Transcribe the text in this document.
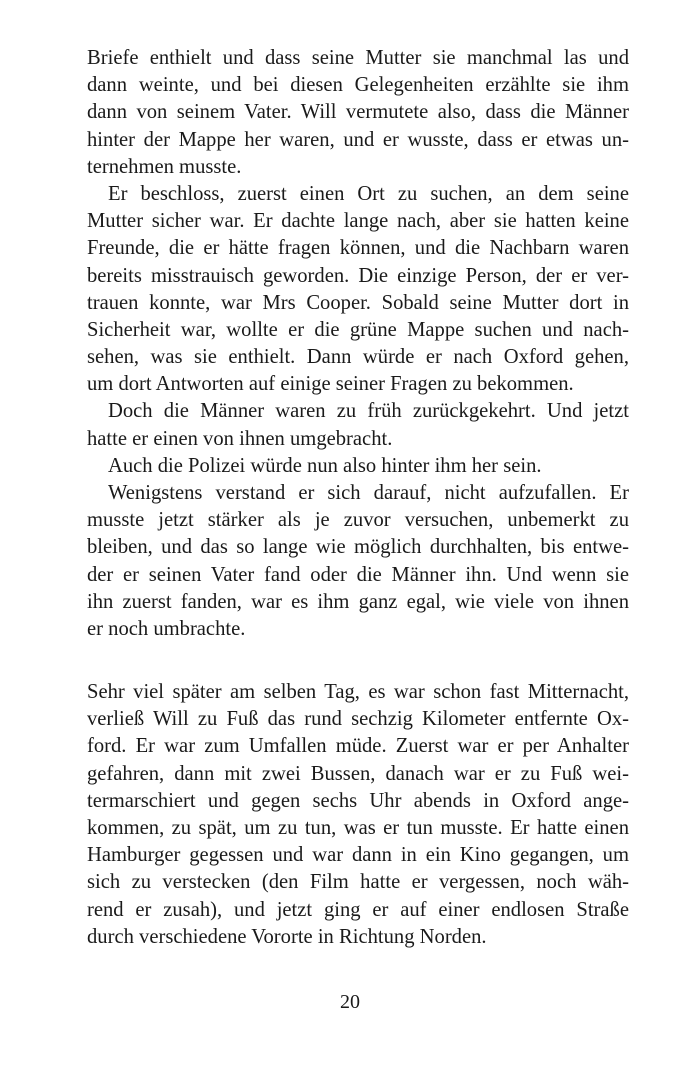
Briefe enthielt und dass seine Mutter sie manchmal las und
dann weinte, und bei diesen Gelegenheiten erzählte sie ihm
dann von seinem Vater. Will vermutete also, dass die Männer
hinter der Mappe her waren, und er wusste, dass er etwas un-
ternehmen musste.
Er beschloss, zuerst einen Ort zu suchen, an dem seine
Mutter sicher war. Er dachte lange nach, aber sie hatten keine
Freunde, die er hätte fragen können, und die Nachbarn waren
bereits misstrauisch geworden. Die einzige Person, der er ver-
trauen konnte, war Mrs Cooper. Sobald seine Mutter dort in
Sicherheit war, wollte er die grüne Mappe suchen und nach-
sehen, was sie enthielt. Dann würde er nach Oxford gehen,
um dort Antworten auf einige seiner Fragen zu bekommen.
Doch die Männer waren zu früh zurückgekehrt. Und jetzt
hatte er einen von ihnen umgebracht.
Auch die Polizei würde nun also hinter ihm her sein.
Wenigstens verstand er sich darauf, nicht aufzufallen. Er
musste jetzt stärker als je zuvor versuchen, unbemerkt zu
bleiben, und das so lange wie möglich durchhalten, bis entwe-
der er seinen Vater fand oder die Männer ihn. Und wenn sie
ihn zuerst fanden, war es ihm ganz egal, wie viele von ihnen
er noch umbrachte.
Sehr viel später am selben Tag, es war schon fast Mitternacht,
verließ Will zu Fuß das rund sechzig Kilometer entfernte Ox-
ford. Er war zum Umfallen müde. Zuerst war er per Anhalter
gefahren, dann mit zwei Bussen, danach war er zu Fuß wei-
termarschiert und gegen sechs Uhr abends in Oxford ange-
kommen, zu spät, um zu tun, was er tun musste. Er hatte einen
Hamburger gegessen und war dann in ein Kino gegangen, um
sich zu verstecken (den Film hatte er vergessen, noch wäh-
rend er zusah), und jetzt ging er auf einer endlosen Straße
durch verschiedene Vororte in Richtung Norden.
20
